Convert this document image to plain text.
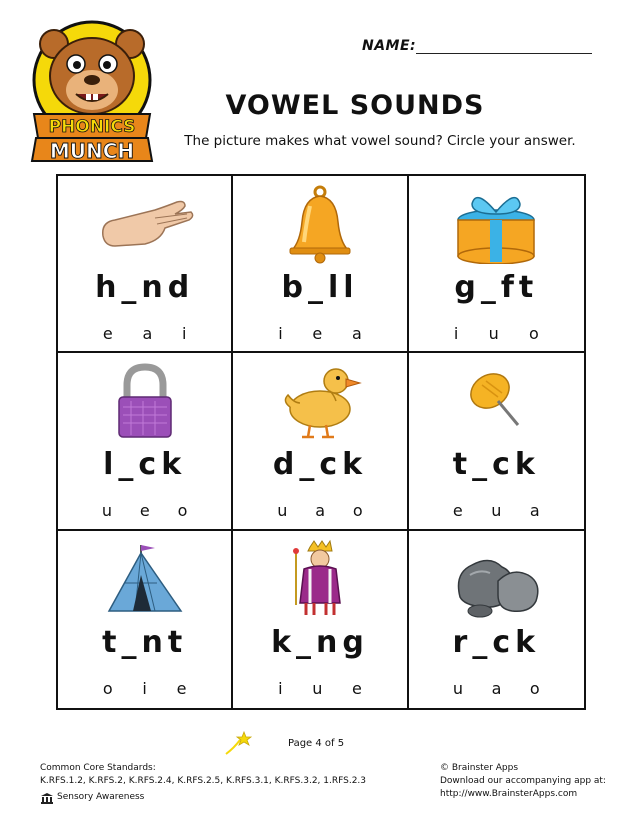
PHONICS
MUNCH
NAME:
VOWEL SOUNDS
The picture makes what vowel sound? Circle your answer.
h_nd
e a i
b_ll
i e a
g_ft
i u o
l_ck
u e o
d_ck
u a o
t_ck
e u a
t_nt
o i e
k_ng
i u e
r_ck
u a o
Page 4 of 5
Common Core Standards:
K.RFS.1.2, K.RFS.2, K.RFS.2.4, K.RFS.2.5, K.RFS.3.1, K.RFS.3.2, 1.RFS.2.3
Sensory Awareness
© Brainster Apps
Download our accompanying app at:
http://www.BrainsterApps.com
